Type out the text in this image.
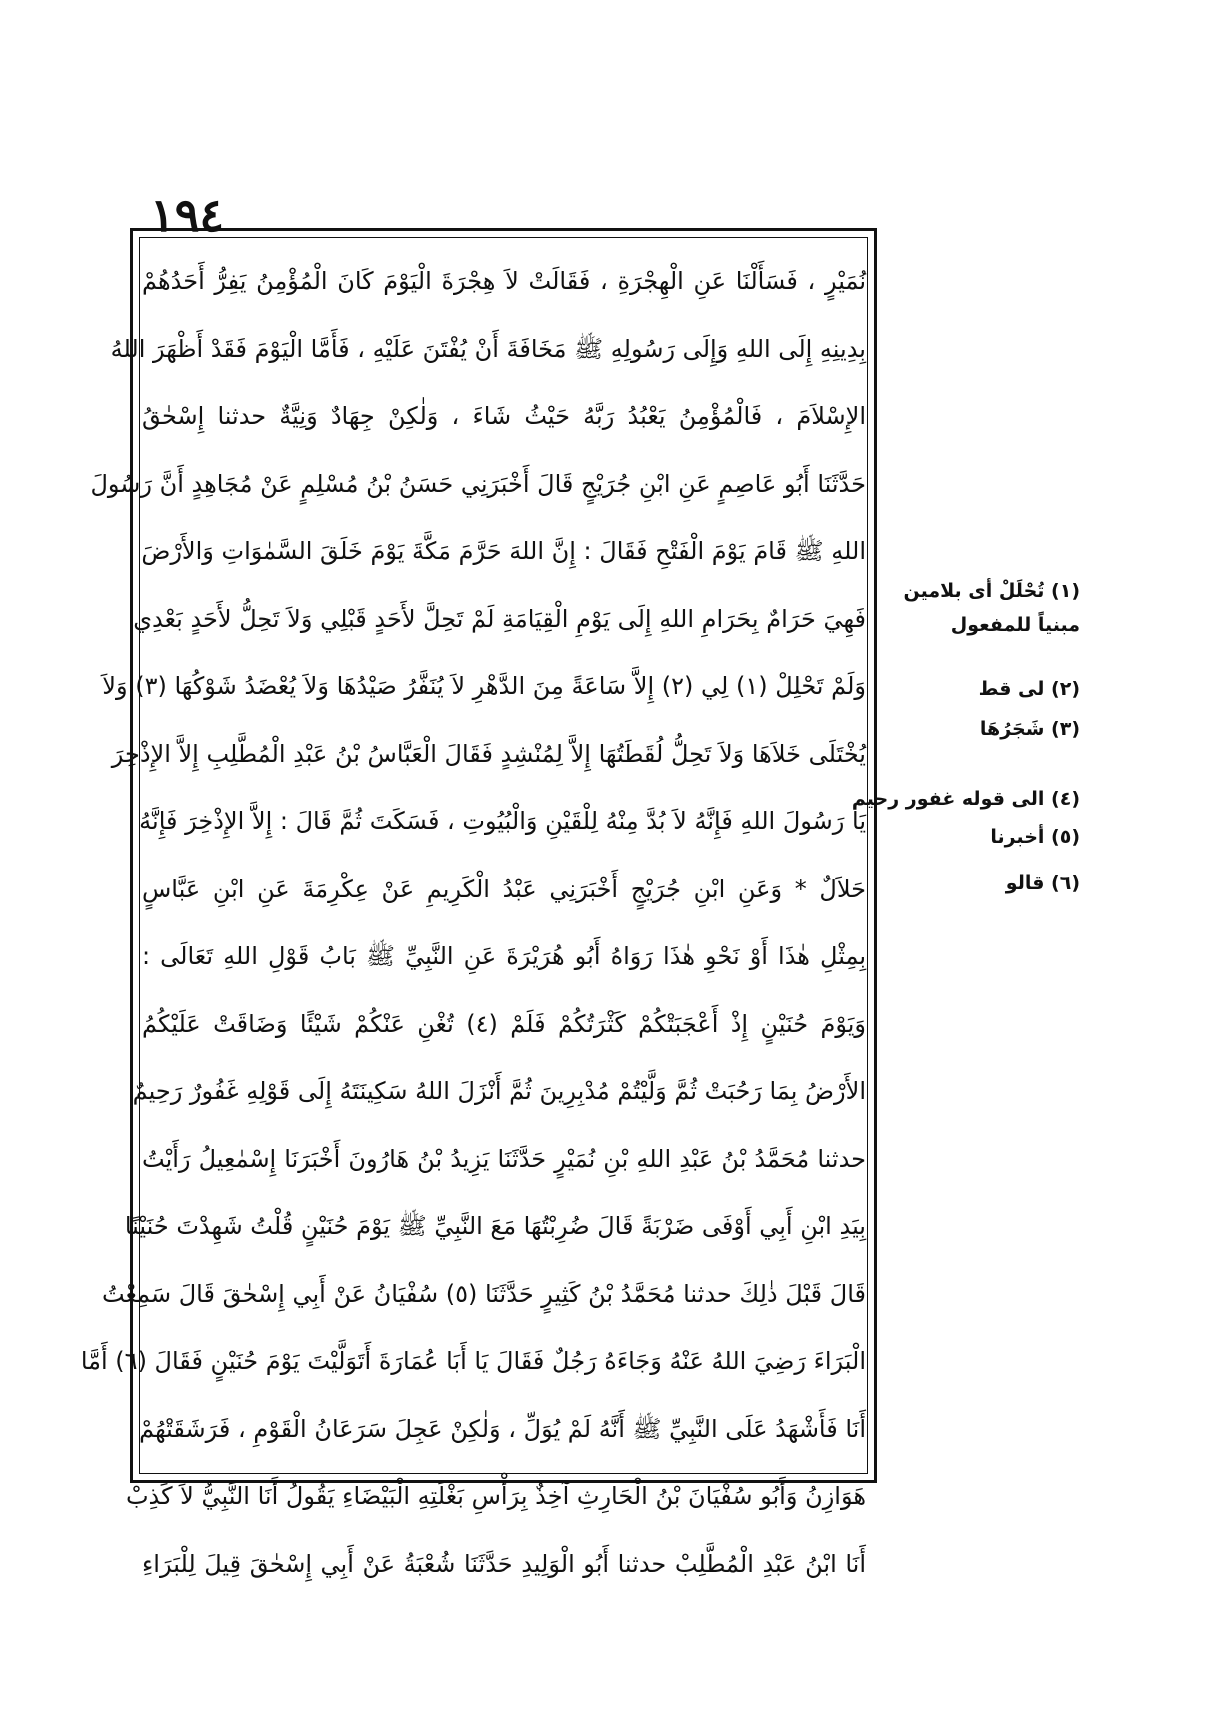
١٩٤
نُمَيْرٍ ، فَسَأَلْنَا عَنِ الْهِجْرَةِ ، فَقَالَتْ لاَ هِجْرَةَ الْيَوْمَ كَانَ الْمُؤْمِنُ يَفِرُّ أَحَدُهُمْ
بِدِينِهِ إِلَى اللهِ وَإِلَى رَسُولِهِ ﷺ مَخَافَةَ أَنْ يُفْتَنَ عَلَيْهِ ، فَأَمَّا الْيَوْمَ فَقَدْ أَظْهَرَ اللهُ
الإِسْلاَمَ ، فَالْمُؤْمِنُ يَعْبُدُ رَبَّهُ حَيْثُ شَاءَ ، وَلٰكِنْ جِهَادٌ وَنِيَّةٌ حدثنا إِسْحٰقُ
حَدَّثَنَا أَبُو عَاصِمٍ عَنِ ابْنِ جُرَيْجٍ قَالَ أَخْبَرَنِي حَسَنُ بْنُ مُسْلِمٍ عَنْ مُجَاهِدٍ أَنَّ رَسُولَ
اللهِ ﷺ قَامَ يَوْمَ الْفَتْحِ فَقَالَ : إِنَّ اللهَ حَرَّمَ مَكَّةَ يَوْمَ خَلَقَ السَّمٰوَاتِ وَالأَرْضَ
فَهِيَ حَرَامٌ بِحَرَامِ اللهِ إِلَى يَوْمِ الْقِيَامَةِ لَمْ تَحِلَّ لأَحَدٍ قَبْلِي وَلاَ تَحِلُّ لأَحَدٍ بَعْدِي
وَلَمْ تَحْلِلْ (١) لِي (٢) إِلاَّ سَاعَةً مِنَ الدَّهْرِ لاَ يُنَفَّرُ صَيْدُهَا وَلاَ يُعْضَدُ شَوْكُهَا (٣) وَلاَ
يُخْتَلَى خَلاَهَا وَلاَ تَحِلُّ لُقَطَتُهَا إِلاَّ لِمُنْشِدٍ فَقَالَ الْعَبَّاسُ بْنُ عَبْدِ الْمُطَّلِبِ إِلاَّ الإِذْخِرَ
يَا رَسُولَ اللهِ فَإِنَّهُ لاَ بُدَّ مِنْهُ لِلْقَيْنِ وَالْبُيُوتِ ، فَسَكَتَ ثُمَّ قَالَ : إِلاَّ الإِذْخِرَ فَإِنَّهُ
حَلاَلٌ * وَعَنِ ابْنِ جُرَيْجٍ أَخْبَرَنِي عَبْدُ الْكَرِيمِ عَنْ عِكْرِمَةَ عَنِ ابْنِ عَبَّاسٍ
بِمِثْلِ هٰذَا أَوْ نَحْوِ هٰذَا رَوَاهُ أَبُو هُرَيْرَةَ عَنِ النَّبِيِّ ﷺ بَابُ قَوْلِ اللهِ تَعَالَى :
وَيَوْمَ حُنَيْنٍ إِذْ أَعْجَبَتْكُمْ كَثْرَتُكُمْ فَلَمْ (٤) تُغْنِ عَنْكُمْ شَيْئًا وَضَاقَتْ عَلَيْكُمُ
الأَرْضُ بِمَا رَحُبَتْ ثُمَّ وَلَّيْتُمْ مُدْبِرِينَ ثُمَّ أَنْزَلَ اللهُ سَكِينَتَهُ إِلَى قَوْلِهِ غَفُورٌ رَحِيمٌ
حدثنا مُحَمَّدُ بْنُ عَبْدِ اللهِ بْنِ نُمَيْرٍ حَدَّثَنَا يَزِيدُ بْنُ هَارُونَ أَخْبَرَنَا إِسْمٰعِيلُ رَأَيْتُ
بِيَدِ ابْنِ أَبِي أَوْفَى ضَرْبَةً قَالَ ضُرِبْتُهَا مَعَ النَّبِيِّ ﷺ يَوْمَ حُنَيْنٍ قُلْتُ شَهِدْتَ حُنَيْنًا
قَالَ قَبْلَ ذٰلِكَ حدثنا مُحَمَّدُ بْنُ كَثِيرٍ حَدَّثَنَا (٥) سُفْيَانُ عَنْ أَبِي إِسْحٰقَ قَالَ سَمِعْتُ
الْبَرَاءَ رَضِيَ اللهُ عَنْهُ وَجَاءَهُ رَجُلٌ فَقَالَ يَا أَبَا عُمَارَةَ أَتَوَلَّيْتَ يَوْمَ حُنَيْنٍ فَقَالَ (٦) أَمَّا
أَنَا فَأَشْهَدُ عَلَى النَّبِيِّ ﷺ أَنَّهُ لَمْ يُوَلِّ ، وَلٰكِنْ عَجِلَ سَرَعَانُ الْقَوْمِ ، فَرَشَقَتْهُمْ
هَوَازِنُ وَأَبُو سُفْيَانَ بْنُ الْحَارِثِ آخِذٌ بِرَأْسِ بَغْلَتِهِ الْبَيْضَاءِ يَقُولُ أَنَا النَّبِيُّ لاَ كَذِبْ
أَنَا ابْنُ عَبْدِ الْمُطَّلِبْ حدثنا أَبُو الْوَلِيدِ حَدَّثَنَا شُعْبَةُ عَنْ أَبِي إِسْحٰقَ قِيلَ لِلْبَرَاءِ
(١) تُحْلَلْ أى بلامين
مبنياً للمفعول
(٢) لى قط
(٣) شَجَرُهَا
(٤) الى قوله غفور رحيم
(٥) أخبرنا
(٦) قالو
